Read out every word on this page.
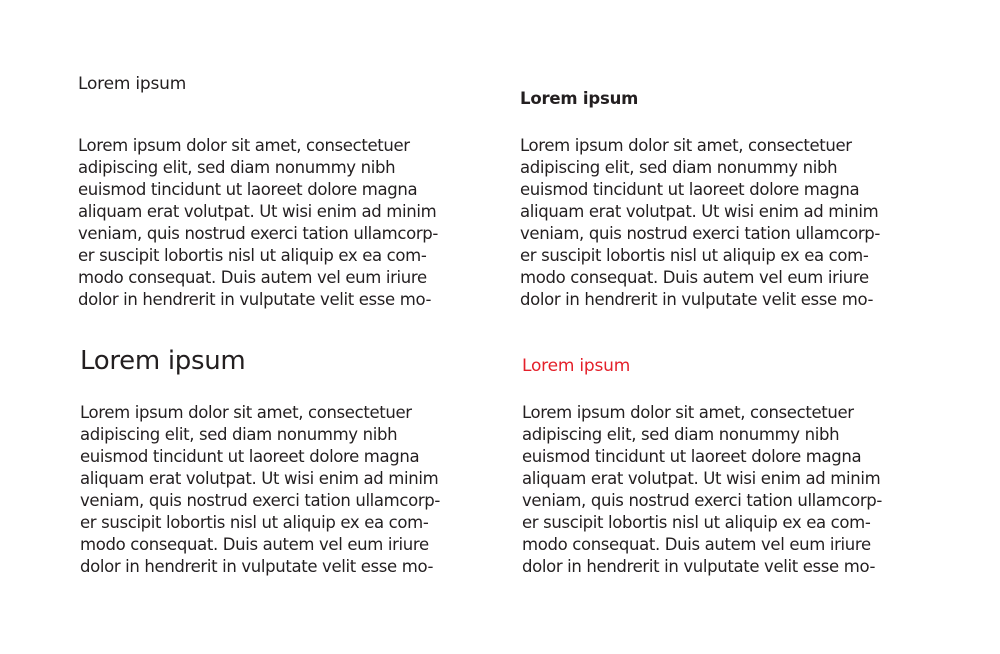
Lorem ipsum
Lorem ipsum dolor sit amet, consectetuer
adipiscing elit, sed diam nonummy nibh
euismod tincidunt ut laoreet dolore magna
aliquam erat volutpat. Ut wisi enim ad minim
veniam, quis nostrud exerci tation ullamcorp-
er suscipit lobortis nisl ut aliquip ex ea com-
modo consequat. Duis autem vel eum iriure
dolor in hendrerit in vulputate velit esse mo-
Lorem ipsum
Lorem ipsum dolor sit amet, consectetuer
adipiscing elit, sed diam nonummy nibh
euismod tincidunt ut laoreet dolore magna
aliquam erat volutpat. Ut wisi enim ad minim
veniam, quis nostrud exerci tation ullamcorp-
er suscipit lobortis nisl ut aliquip ex ea com-
modo consequat. Duis autem vel eum iriure
dolor in hendrerit in vulputate velit esse mo-
Lorem ipsum
Lorem ipsum dolor sit amet, consectetuer
adipiscing elit, sed diam nonummy nibh
euismod tincidunt ut laoreet dolore magna
aliquam erat volutpat. Ut wisi enim ad minim
veniam, quis nostrud exerci tation ullamcorp-
er suscipit lobortis nisl ut aliquip ex ea com-
modo consequat. Duis autem vel eum iriure
dolor in hendrerit in vulputate velit esse mo-
Lorem ipsum
Lorem ipsum dolor sit amet, consectetuer
adipiscing elit, sed diam nonummy nibh
euismod tincidunt ut laoreet dolore magna
aliquam erat volutpat. Ut wisi enim ad minim
veniam, quis nostrud exerci tation ullamcorp-
er suscipit lobortis nisl ut aliquip ex ea com-
modo consequat. Duis autem vel eum iriure
dolor in hendrerit in vulputate velit esse mo-
